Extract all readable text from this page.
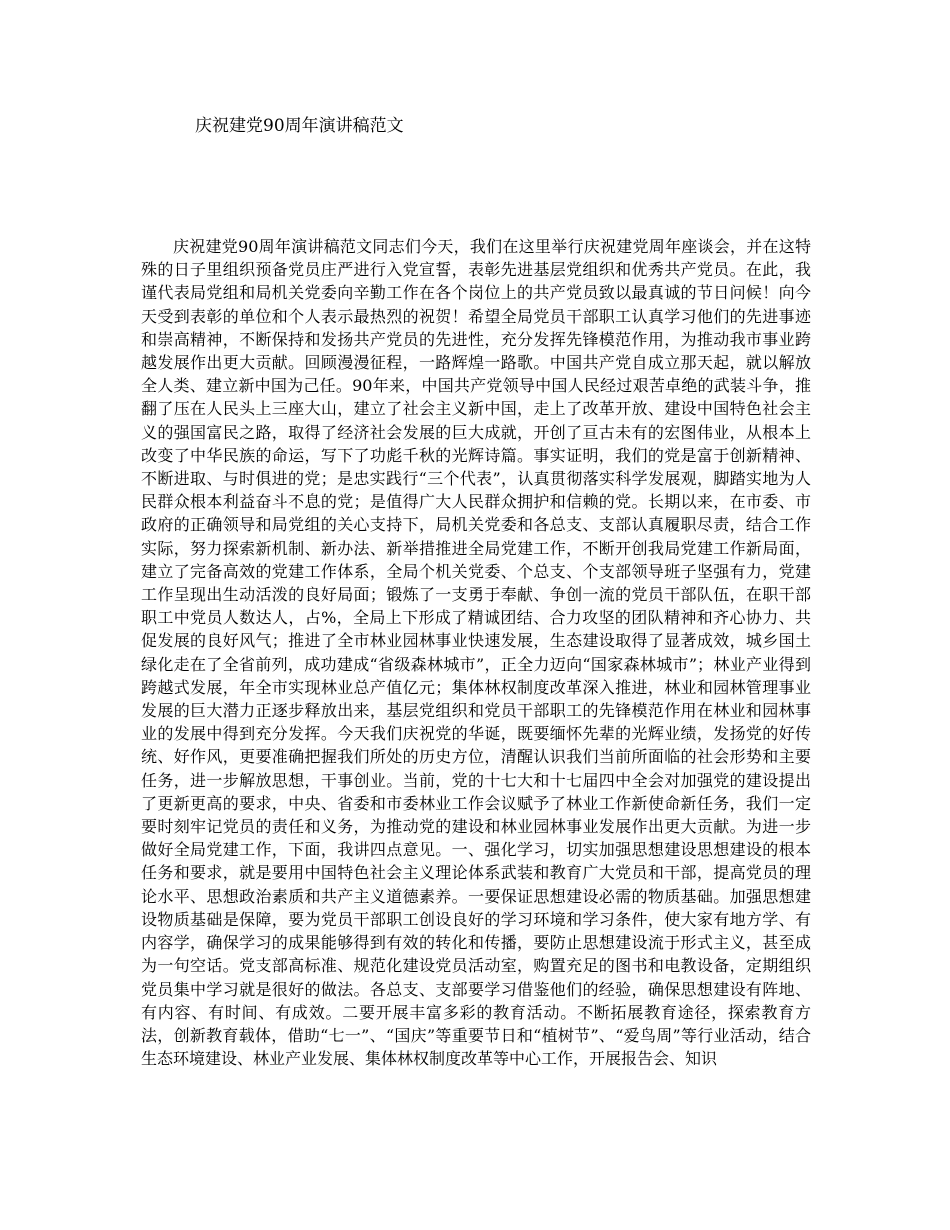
庆祝建党90周年演讲稿范文

庆祝建党90周年演讲稿范文同志们今天，我们在这里举行庆祝建党周年座谈会，并在这特殊的日子里组织预备党员庄严进行入党宣誓，表彰先进基层党组织和优秀共产党员。在此，我谨代表局党组和局机关党委向辛勤工作在各个岗位上的共产党员致以最真诚的节日问候！向今天受到表彰的单位和个人表示最热烈的祝贺！希望全局党员干部职工认真学习他们的先进事迹和崇高精神，不断保持和发扬共产党员的先进性，充分发挥先锋模范作用，为推动我市事业跨越发展作出更大贡献。回顾漫漫征程，一路辉煌一路歌。中国共产党自成立那天起，就以解放全人类、建立新中国为己任。90年来，中国共产党领导中国人民经过艰苦卓绝的武装斗争，推翻了压在人民头上三座大山，建立了社会主义新中国，走上了改革开放、建设中国特色社会主义的强国富民之路，取得了经济社会发展的巨大成就，开创了亘古未有的宏图伟业，从根本上改变了中华民族的命运，写下了功彪千秋的光辉诗篇。事实证明，我们的党是富于创新精神、不断进取、与时俱进的党；是忠实践行“三个代表”，认真贯彻落实科学发展观，脚踏实地为人民群众根本利益奋斗不息的党；是值得广大人民群众拥护和信赖的党。长期以来，在市委、市政府的正确领导和局党组的关心支持下，局机关党委和各总支、支部认真履职尽责，结合工作实际，努力探索新机制、新办法、新举措推进全局党建工作，不断开创我局党建工作新局面，建立了完备高效的党建工作体系，全局个机关党委、个总支、个支部领导班子坚强有力，党建工作呈现出生动活泼的良好局面；锻炼了一支勇于奉献、争创一流的党员干部队伍，在职干部职工中党员人数达人，占%，全局上下形成了精诚团结、合力攻坚的团队精神和齐心协力、共促发展的良好风气；推进了全市林业园林事业快速发展，生态建设取得了显著成效，城乡国土绿化走在了全省前列，成功建成“省级森林城市”，正全力迈向“国家森林城市”；林业产业得到跨越式发展，年全市实现林业总产值亿元；集体林权制度改革深入推进，林业和园林管理事业发展的巨大潜力正逐步释放出来，基层党组织和党员干部职工的先锋模范作用在林业和园林事业的发展中得到充分发挥。今天我们庆祝党的华诞，既要缅怀先辈的光辉业绩，发扬党的好传统、好作风，更要准确把握我们所处的历史方位，清醒认识我们当前所面临的社会形势和主要任务，进一步解放思想，干事创业。当前，党的十七大和十七届四中全会对加强党的建设提出了更新更高的要求，中央、省委和市委林业工作会议赋予了林业工作新使命新任务，我们一定要时刻牢记党员的责任和义务，为推动党的建设和林业园林事业发展作出更大贡献。为进一步做好全局党建工作，下面，我讲四点意见。一、强化学习，切实加强思想建设思想建设的根本任务和要求，就是要用中国特色社会主义理论体系武装和教育广大党员和干部，提高党员的理论水平、思想政治素质和共产主义道德素养。一要保证思想建设必需的物质基础。加强思想建设物质基础是保障，要为党员干部职工创设良好的学习环境和学习条件，使大家有地方学、有内容学，确保学习的成果能够得到有效的转化和传播，要防止思想建设流于形式主义，甚至成为一句空话。党支部高标准、规范化建设党员活动室，购置充足的图书和电教设备，定期组织党员集中学习就是很好的做法。各总支、支部要学习借鉴他们的经验，确保思想建设有阵地、有内容、有时间、有成效。二要开展丰富多彩的教育活动。不断拓展教育途径，探索教育方法，创新教育载体，借助“七一”、“国庆”等重要节日和“植树节”、“爱鸟周”等行业活动，结合生态环境建设、林业产业发展、集体林权制度改革等中心工作，开展报告会、知识
